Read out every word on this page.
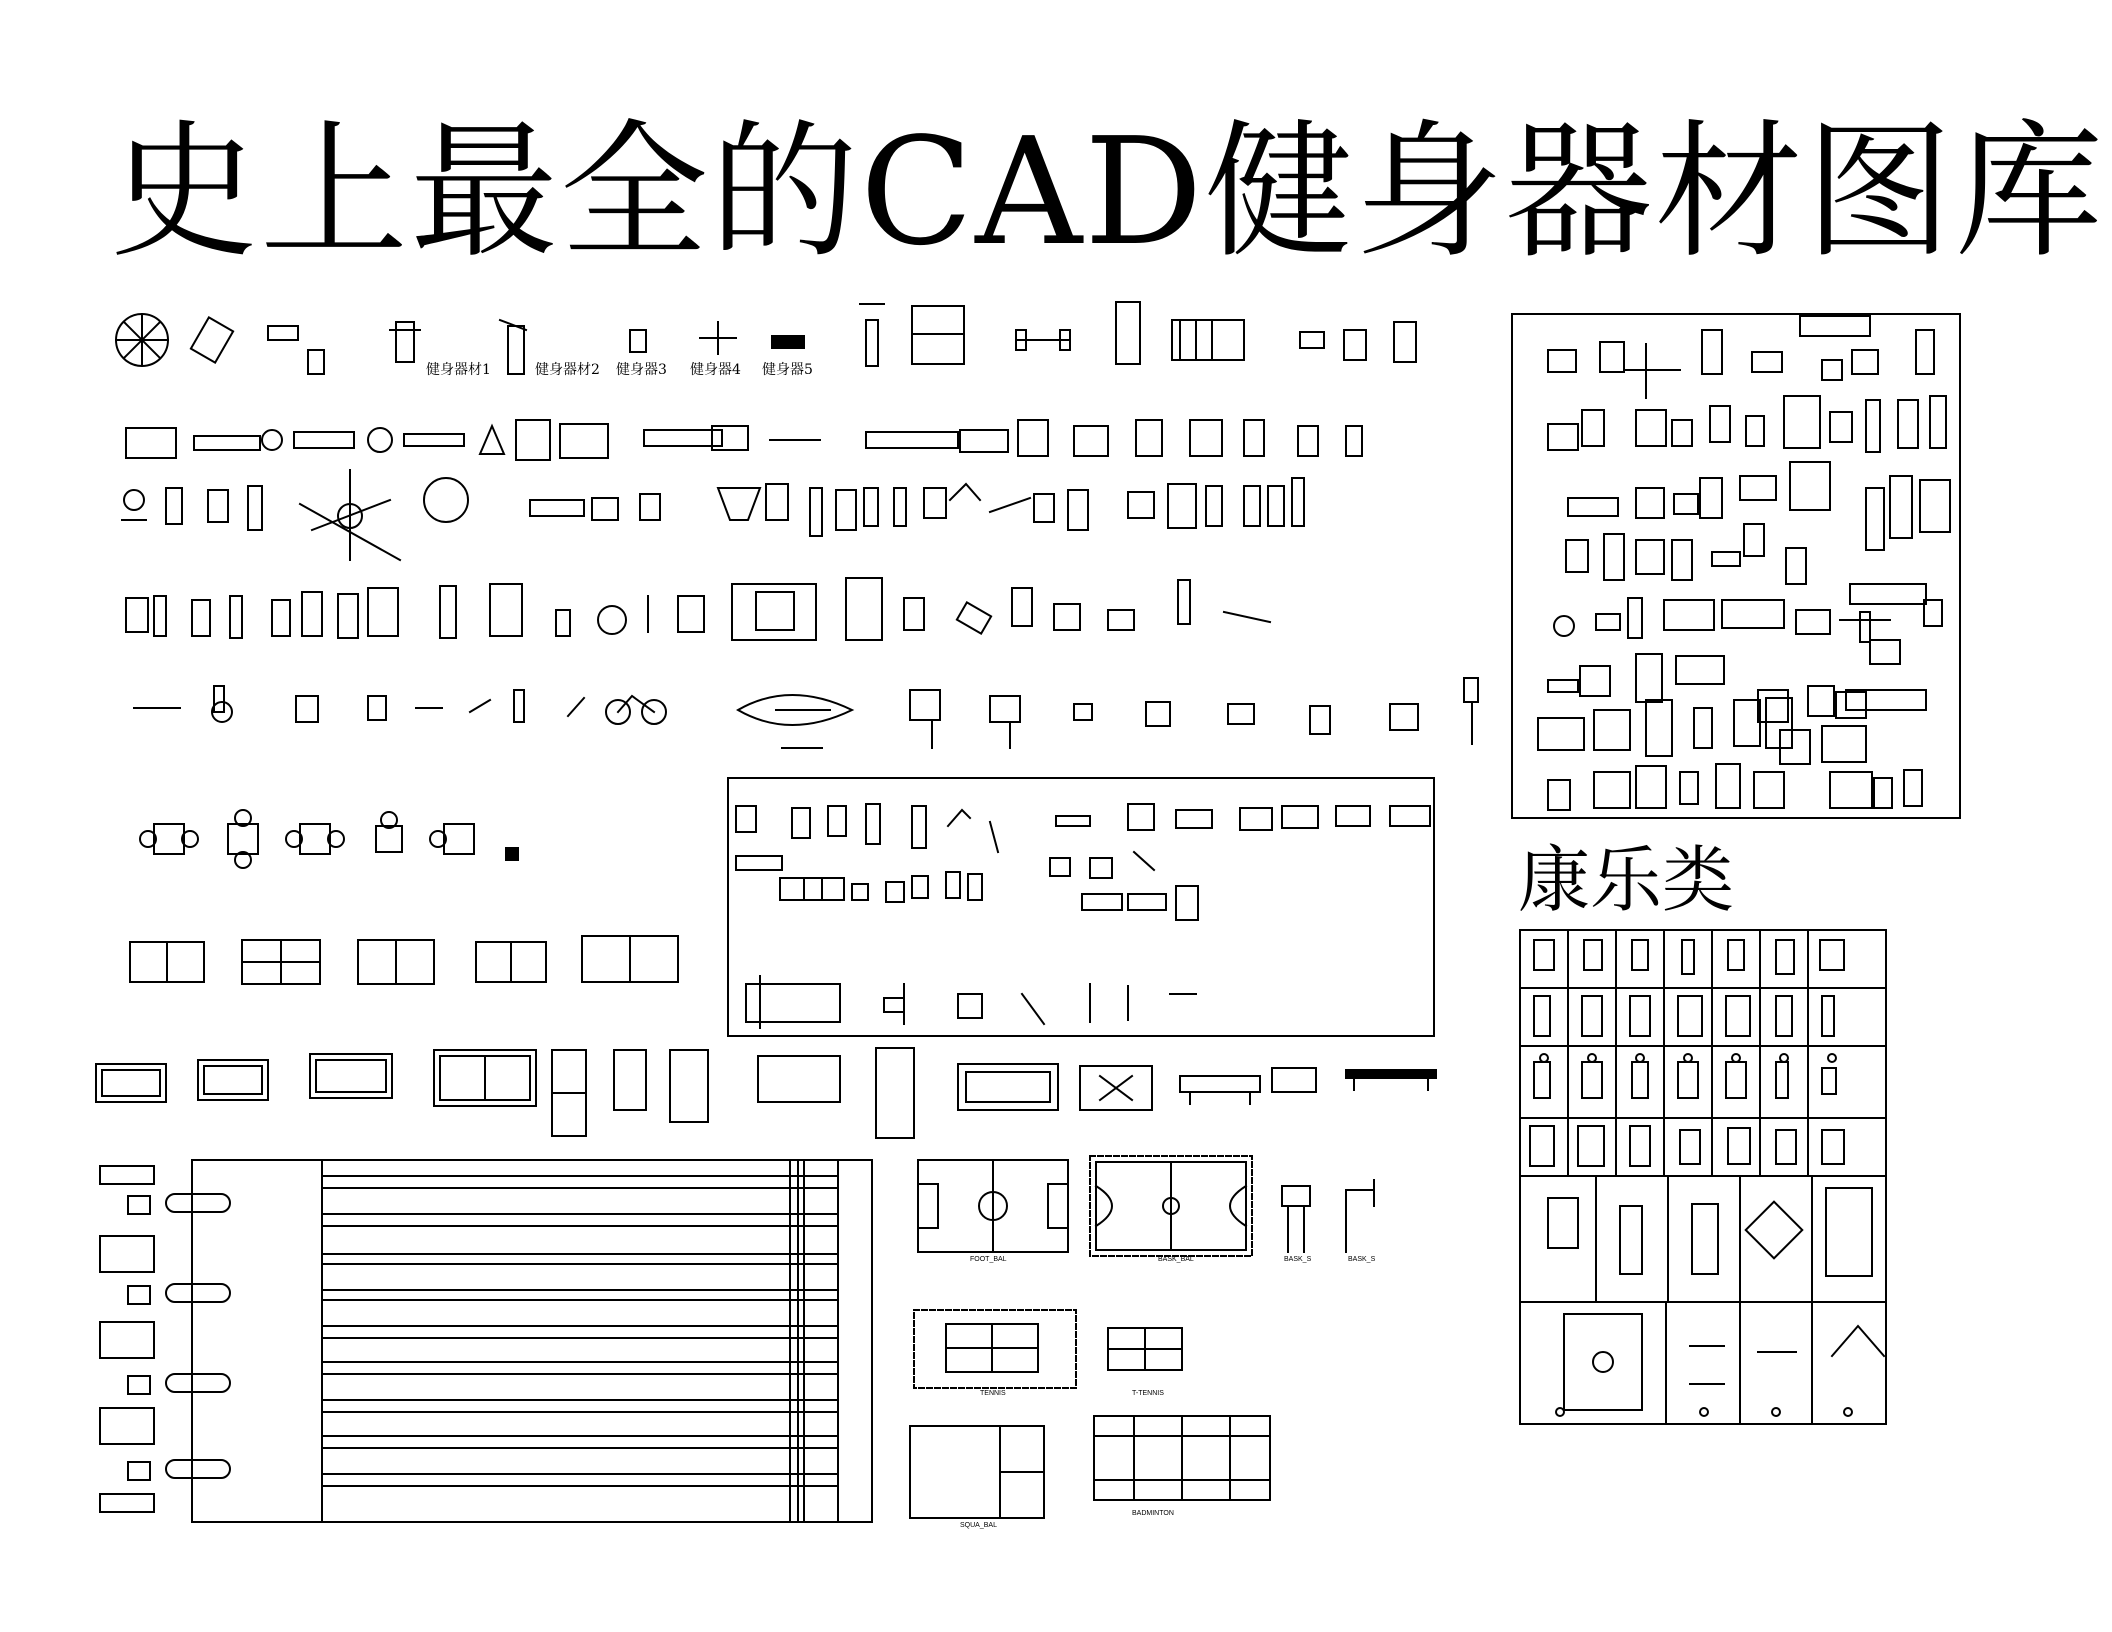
史上最全的CAD健身器材图库
康乐类
健身器材1	健身器材2 健身器3 健身器4 健身器5
FOOT_BAL	BASK_BAL	BASK_S	BASK_S
TENNIS	T-TENNIS
SQUA_BAL
BADMINTON
